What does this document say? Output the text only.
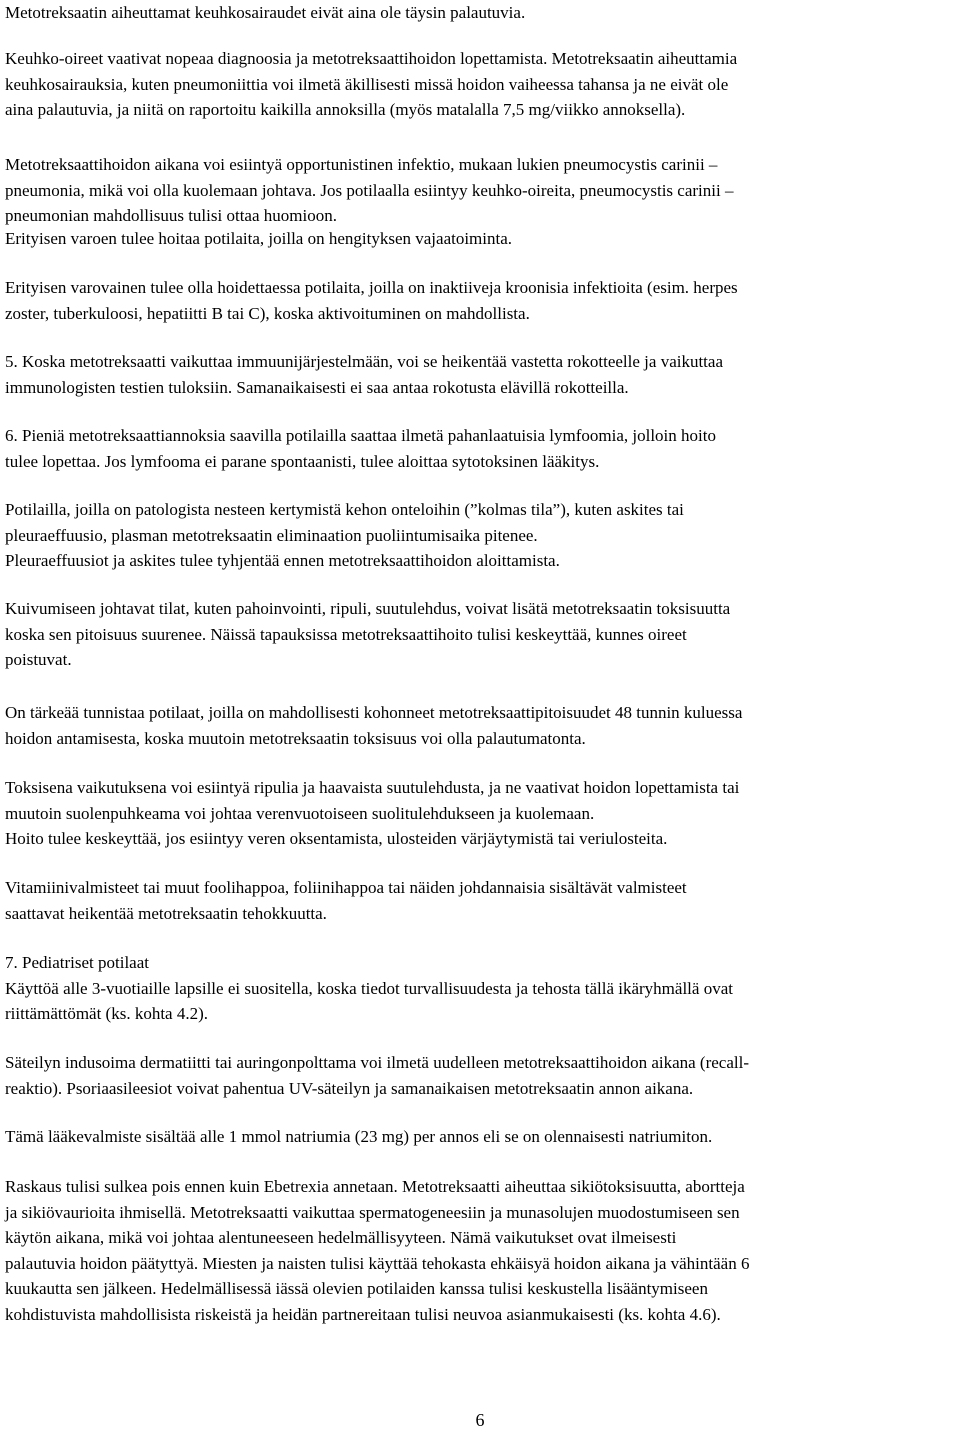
Metotreksaatin aiheuttamat keuhkosairaudet eivät aina ole täysin palautuvia.
Keuhko-oireet vaativat nopeaa diagnoosia ja metotreksaattihoidon lopettamista. Metotreksaatin aiheuttamia
keuhkosairauksia, kuten pneumoniittia voi ilmetä äkillisesti missä hoidon vaiheessa tahansa ja ne eivät ole
aina palautuvia, ja niitä on raportoitu kaikilla annoksilla (myös matalalla 7,5 mg/viikko annoksella).
Metotreksaattihoidon aikana voi esiintyä opportunistinen infektio, mukaan lukien pneumocystis carinii –
pneumonia, mikä voi olla kuolemaan johtava. Jos potilaalla esiintyy keuhko-oireita, pneumocystis carinii –
pneumonian mahdollisuus tulisi ottaa huomioon.
Erityisen varoen tulee hoitaa potilaita, joilla on hengityksen vajaatoiminta.
Erityisen varovainen tulee olla hoidettaessa potilaita, joilla on inaktiiveja kroonisia infektioita (esim. herpes
zoster, tuberkuloosi, hepatiitti B tai C), koska aktivoituminen on mahdollista.
5. Koska metotreksaatti vaikuttaa immuunijärjestelmään, voi se heikentää vastetta rokotteelle ja vaikuttaa
immunologisten testien tuloksiin. Samanaikaisesti ei saa antaa rokotusta elävillä rokotteilla.
6. Pieniä metotreksaattiannoksia saavilla potilailla saattaa ilmetä pahanlaatuisia lymfoomia, jolloin hoito
tulee lopettaa. Jos lymfooma ei parane spontaanisti, tulee aloittaa sytotoksinen lääkitys.
Potilailla, joilla on patologista nesteen kertymistä kehon onteloihin (”kolmas tila”), kuten askites tai
pleuraeffuusio, plasman metotreksaatin eliminaation puoliintumisaika pitenee.
Pleuraeffuusiot ja askites tulee tyhjentää ennen metotreksaattihoidon aloittamista.
Kuivumiseen johtavat tilat, kuten pahoinvointi, ripuli, suutulehdus, voivat lisätä metotreksaatin toksisuutta
koska sen pitoisuus suurenee. Näissä tapauksissa metotreksaattihoito tulisi keskeyttää, kunnes oireet
poistuvat.
On tärkeää tunnistaa potilaat, joilla on mahdollisesti kohonneet metotreksaattipitoisuudet 48 tunnin kuluessa
hoidon antamisesta, koska muutoin metotreksaatin toksisuus voi olla palautumatonta.
Toksisena vaikutuksena voi esiintyä ripulia ja haavaista suutulehdusta, ja ne vaativat hoidon lopettamista tai
muutoin suolenpuhkeama voi johtaa verenvuotoiseen suolitulehdukseen ja kuolemaan.
Hoito tulee keskeyttää, jos esiintyy veren oksentamista, ulosteiden värjäytymistä tai veriulosteita.
Vitamiinivalmisteet tai muut foolihappoa, foliinihappoa tai näiden johdannaisia sisältävät valmisteet
saattavat heikentää metotreksaatin tehokkuutta.
7. Pediatriset potilaat
Käyttöä alle 3-vuotiaille lapsille ei suositella, koska tiedot turvallisuudesta ja tehosta tällä ikäryhmällä ovat
riittämättömät (ks. kohta 4.2).
Säteilyn indusoima dermatiitti tai auringonpolttama voi ilmetä uudelleen metotreksaattihoidon aikana (recall-
reaktio). Psoriaasileesiot voivat pahentua UV-säteilyn ja samanaikaisen metotreksaatin annon aikana.
Tämä lääkevalmiste sisältää alle 1 mmol natriumia (23 mg) per annos eli se on olennaisesti natriumiton.
Raskaus tulisi sulkea pois ennen kuin Ebetrexia annetaan. Metotreksaatti aiheuttaa sikiötoksisuutta, abortteja
ja sikiövaurioita ihmisellä. Metotreksaatti vaikuttaa spermatogeneesiin ja munasolujen muodostumiseen sen
käytön aikana, mikä voi johtaa alentuneeseen hedelmällisyyteen. Nämä vaikutukset ovat ilmeisesti
palautuvia hoidon päätyttyä. Miesten ja naisten tulisi käyttää tehokasta ehkäisyä hoidon aikana ja vähintään 6
kuukautta sen jälkeen. Hedelmällisessä iässä olevien potilaiden kanssa tulisi keskustella lisääntymiseen
kohdistuvista mahdollisista riskeistä ja heidän partnereitaan tulisi neuvoa asianmukaisesti (ks. kohta 4.6).
6
